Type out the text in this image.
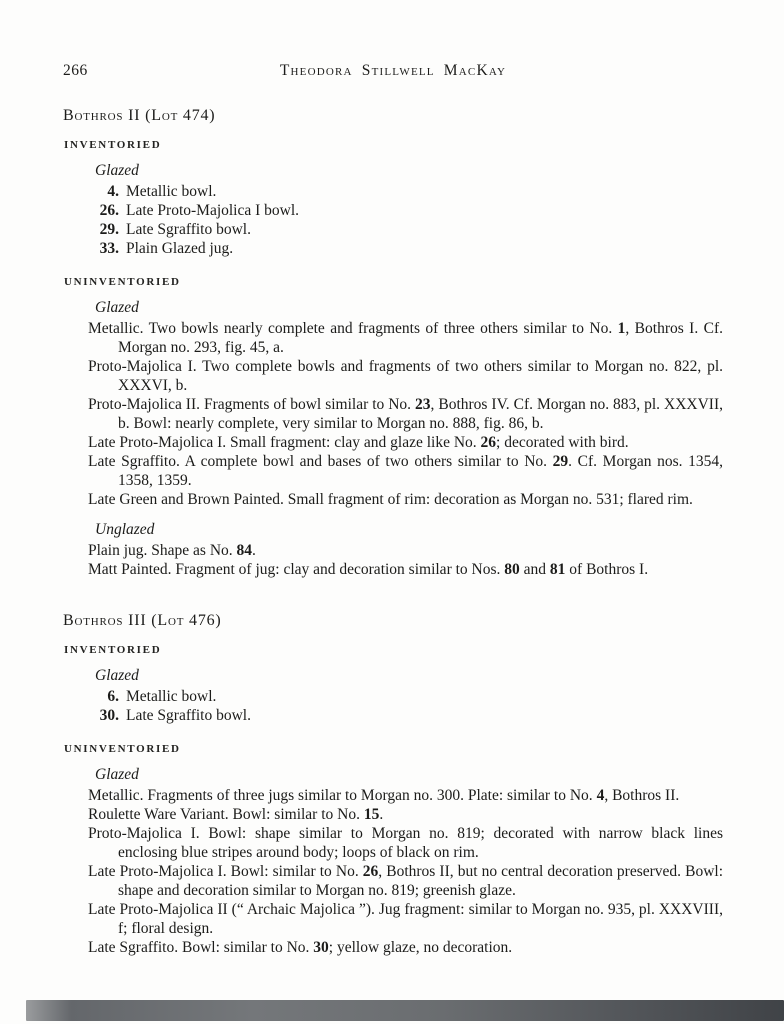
266	Theodora Stillwell MacKay
Bothros II (Lot 474)
INVENTORIED
Glazed
4. Metallic bowl.
26. Late Proto-Majolica I bowl.
29. Late Sgraffito bowl.
33. Plain Glazed jug.
UNINVENTORIED
Glazed
Metallic. Two bowls nearly complete and fragments of three others similar to No. 1, Bothros I. Cf. Morgan no. 293, fig. 45, a.
Proto-Majolica I. Two complete bowls and fragments of two others similar to Morgan no. 822, pl. XXXVI, b.
Proto-Majolica II. Fragments of bowl similar to No. 23, Bothros IV. Cf. Morgan no. 883, pl. XXXVII, b. Bowl: nearly complete, very similar to Morgan no. 888, fig. 86, b.
Late Proto-Majolica I. Small fragment: clay and glaze like No. 26; decorated with bird.
Late Sgraffito. A complete bowl and bases of two others similar to No. 29. Cf. Morgan nos. 1354, 1358, 1359.
Late Green and Brown Painted. Small fragment of rim: decoration as Morgan no. 531; flared rim.
Unglazed
Plain jug. Shape as No. 84.
Matt Painted. Fragment of jug: clay and decoration similar to Nos. 80 and 81 of Bothros I.
Bothros III (Lot 476)
INVENTORIED
Glazed
6. Metallic bowl.
30. Late Sgraffito bowl.
UNINVENTORIED
Glazed
Metallic. Fragments of three jugs similar to Morgan no. 300. Plate: similar to No. 4, Bothros II.
Roulette Ware Variant. Bowl: similar to No. 15.
Proto-Majolica I. Bowl: shape similar to Morgan no. 819; decorated with narrow black lines enclosing blue stripes around body; loops of black on rim.
Late Proto-Majolica I. Bowl: similar to No. 26, Bothros II, but no central decoration preserved. Bowl: shape and decoration similar to Morgan no. 819; greenish glaze.
Late Proto-Majolica II (“ Archaic Majolica ”). Jug fragment: similar to Morgan no. 935, pl. XXXVIII, f; floral design.
Late Sgraffito. Bowl: similar to No. 30; yellow glaze, no decoration.
